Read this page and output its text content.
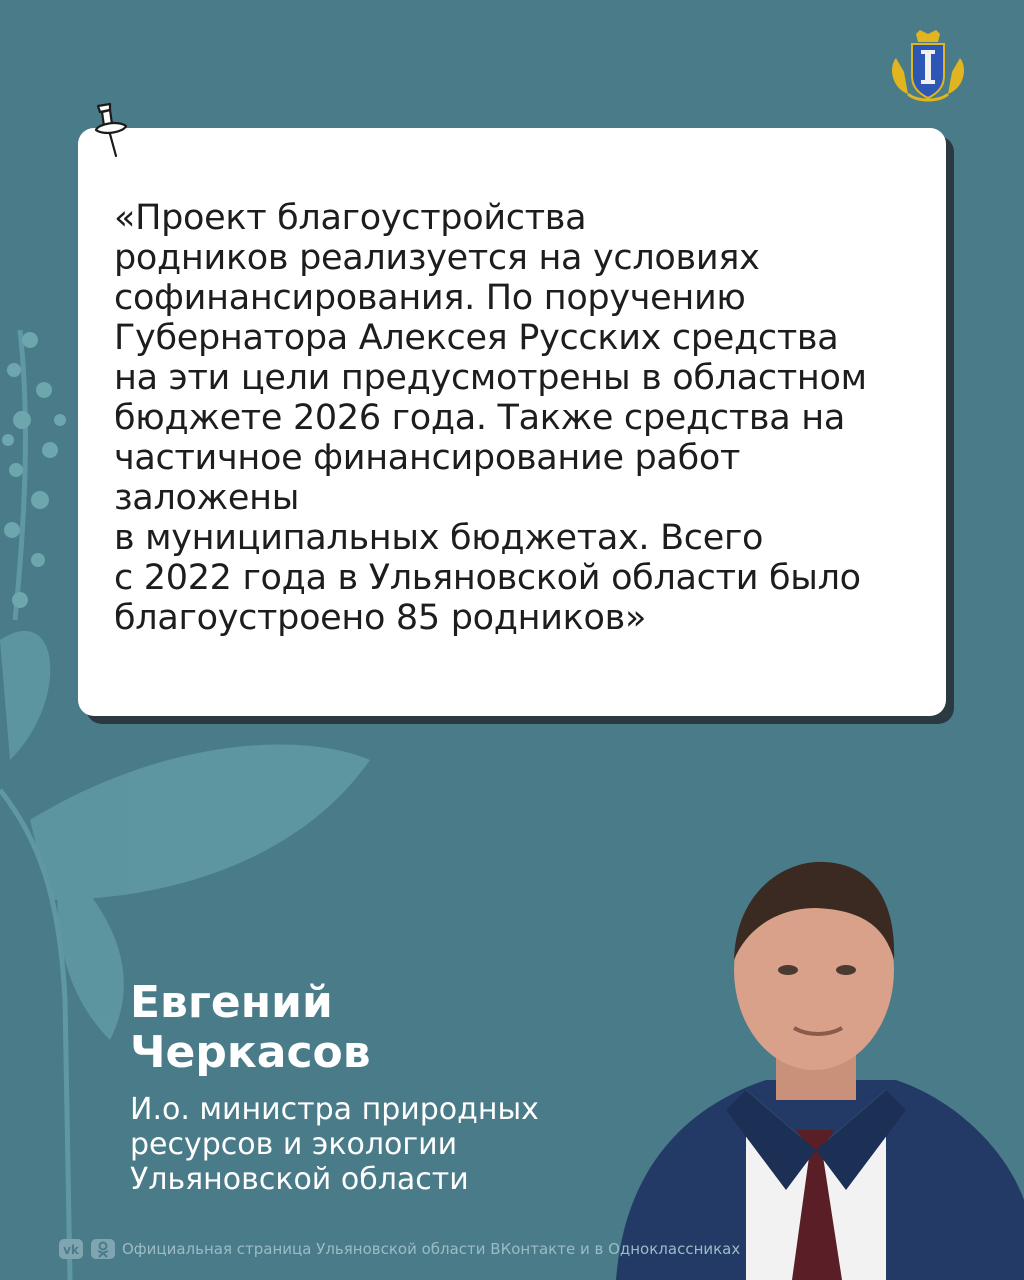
«Проект благоустройства
родников реализуется на условиях
софинансирования. По поручению
Губернатора Алексея Русских средства
на эти цели предусмотрены в областном
бюджете 2026 года. Также средства на
частичное финансирование работ
заложены
в муниципальных бюджетах. Всего
с 2022 года в Ульяновской области было
благоустроено 85 родников»

Евгений
Черкасов

И.о. министра природных
ресурсов и экологии
Ульяновской области

vk	Официальная страница Ульяновской области ВКонтакте и в Одноклассниках
